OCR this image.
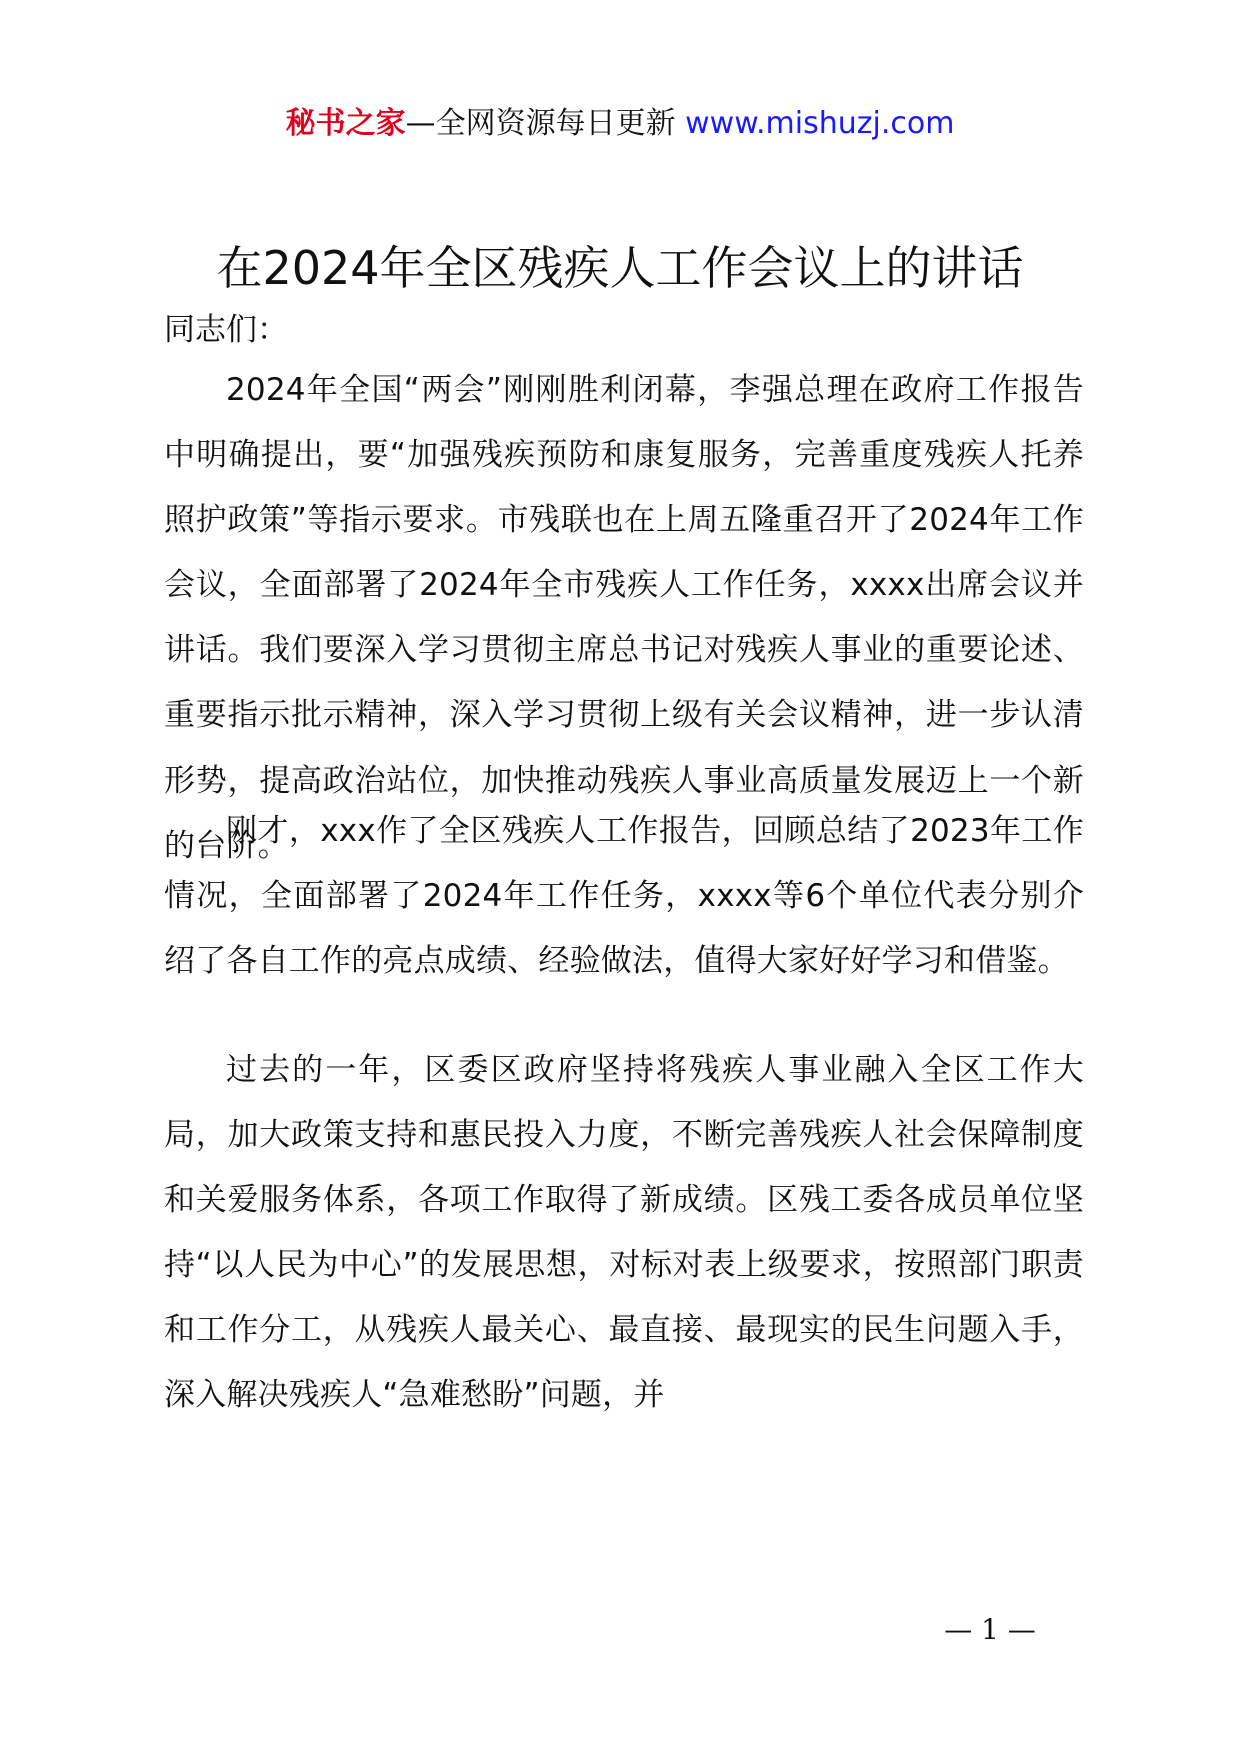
秘书之家—全网资源每日更新 www.mishuzj.com
在2024年全区残疾人工作会议上的讲话
同志们：

2024年全国“两会”刚刚胜利闭幕，李强总理在政府工作报告中明确提出，要“加强残疾预防和康复服务，完善重度残疾人托养照护政策”等指示要求。市残联也在上周五隆重召开了2024年工作会议，全面部署了2024年全市残疾人工作任务，xxxx出席会议并讲话。我们要深入学习贯彻主席总书记对残疾人事业的重要论述、重要指示批示精神，深入学习贯彻上级有关会议精神，进一步认清形势，提高政治站位，加快推动残疾人事业高质量发展迈上一个新的台阶。

刚才，xxx作了全区残疾人工作报告，回顾总结了2023年工作情况，全面部署了2024年工作任务，xxxx等6个单位代表分别介绍了各自工作的亮点成绩、经验做法，值得大家好好学习和借鉴。

过去的一年，区委区政府坚持将残疾人事业融入全区工作大局，加大政策支持和惠民投入力度，不断完善残疾人社会保障制度和关爱服务体系，各项工作取得了新成绩。区残工委各成员单位坚持“以人民为中心”的发展思想，对标对表上级要求，按照部门职责和工作分工，从残疾人最关心、最直接、最现实的民生问题入手，深入解决残疾人“急难愁盼”问题，并

— 1 —
